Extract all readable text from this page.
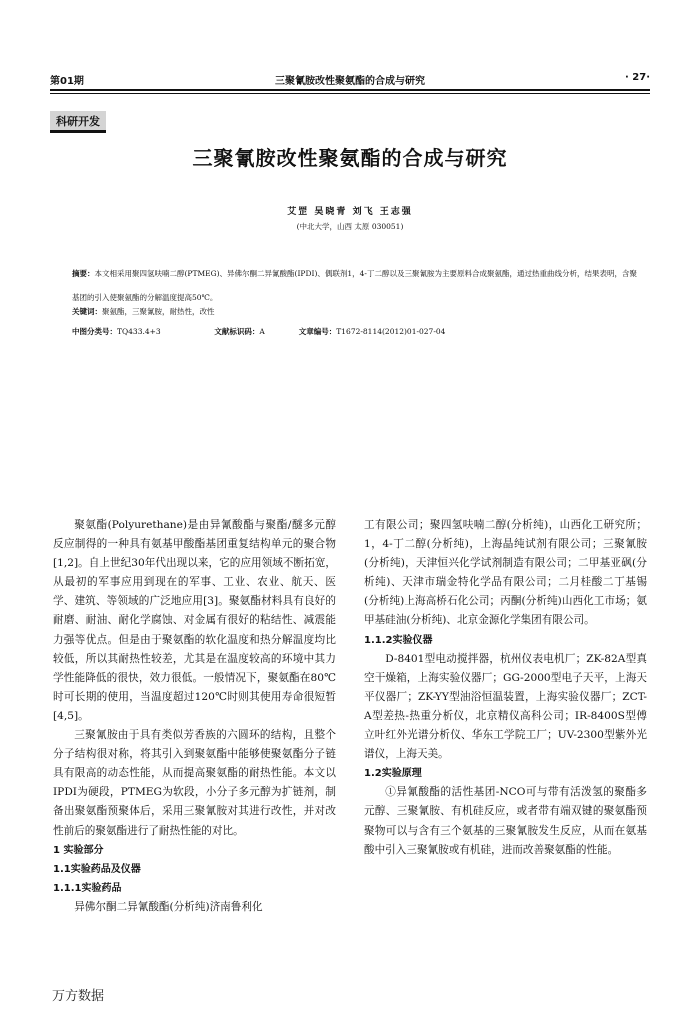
第01期	三聚氰胺改性聚氨酯的合成与研究	· 27·
科研开发
三聚氰胺改性聚氨酯的合成与研究
艾罡 吴晓青 刘飞 王志强
(中北大学，山西 太原 030051)
摘要：本文相采用聚四氢呋喃二醇(PTMEG)、异佛尔酮二异氰酸酯(IPDI)、偶联剂1，4-丁二醇以及三聚氰胺为主要原料合成聚氨酯，通过热重曲线分析，结果表明，含聚基团的引入使聚氨酯的分解温度提高50℃。
关键词：聚氨酯，三聚氰胺，耐热性，改性
中图分类号：TQ433.4+3	文献标识码：A	文章编号：T1672-8114(2012)01-027-04

聚氨酯(Polyurethane)是由异氰酸酯与聚酯/醚多元醇反应制得的一种具有氨基甲酸酯基团重复结构单元的聚合物[1,2]。自上世纪30年代出现以来，它的应用领域不断拓宽，从最初的军事应用到现在的军事、工业、农业、航天、医学、建筑、等领域的广泛地应用[3]。聚氨酯材料具有良好的耐磨、耐油、耐化学腐蚀、对金属有很好的粘结性、减震能力强等优点。但是由于聚氨酯的软化温度和热分解温度均比较低，所以其耐热性较差，尤其是在温度较高的环境中其力学性能降低的很快，效力很低。一般情况下，聚氨酯在80℃时可长期的使用，当温度超过120℃时则其使用寿命很短暂[4,5]。

三聚氰胺由于具有类似芳香族的六圆环的结构，且整个分子结构很对称，将其引入到聚氨酯中能够使聚氨酯分子链具有限高的动态性能，从而提高聚氨酯的耐热性能。本文以IPDI为硬段，PTMEG为软段，小分子多元醇为扩链剂，制备出聚氨酯预聚体后，采用三聚氰胺对其进行改性，并对改性前后的聚氨酯进行了耐热性能的对比。

1 实验部分

1.1实验药品及仪器

1.1.1实验药品

异佛尔酮二异氰酸酯(分析纯)济南鲁利化

工有限公司；聚四氢呋喃二醇(分析纯)，山西化工研究所；1，4-丁二醇(分析纯)，上海晶纯试剂有限公司；三聚氰胺(分析纯)，天津恒兴化学试剂制造有限公司；二甲基亚砜(分析纯)、天津市瑞金特化学品有限公司；二月桂酸二丁基锡(分析纯)上海高桥石化公司；丙酮(分析纯)山西化工市场；氨甲基硅油(分析纯)、北京金源化学集团有限公司。

1.1.2实验仪器

D-8401型电动搅拌器，杭州仪表电机厂；ZK-82A型真空干燥箱，上海实验仪器厂；GG-2000型电子天平，上海天平仪器厂；ZK-YY型油浴恒温装置，上海实验仪器厂；ZCT-A型差热-热重分析仪，北京精仪高科公司；IR-8400S型傅立叶红外光谱分析仪、华东工学院工厂；UV-2300型紫外光谱仪，上海天美。

1.2实验原理

①异氰酸酯的活性基团-NCO可与带有活泼氢的聚酯多元醇、三聚氰胺、有机硅反应，或者带有端双键的聚氨酯预聚物可以与含有三个氨基的三聚氰胺发生反应，从而在氨基酸中引入三聚氰胺或有机硅，进而改善聚氨酯的性能。

万方数据
